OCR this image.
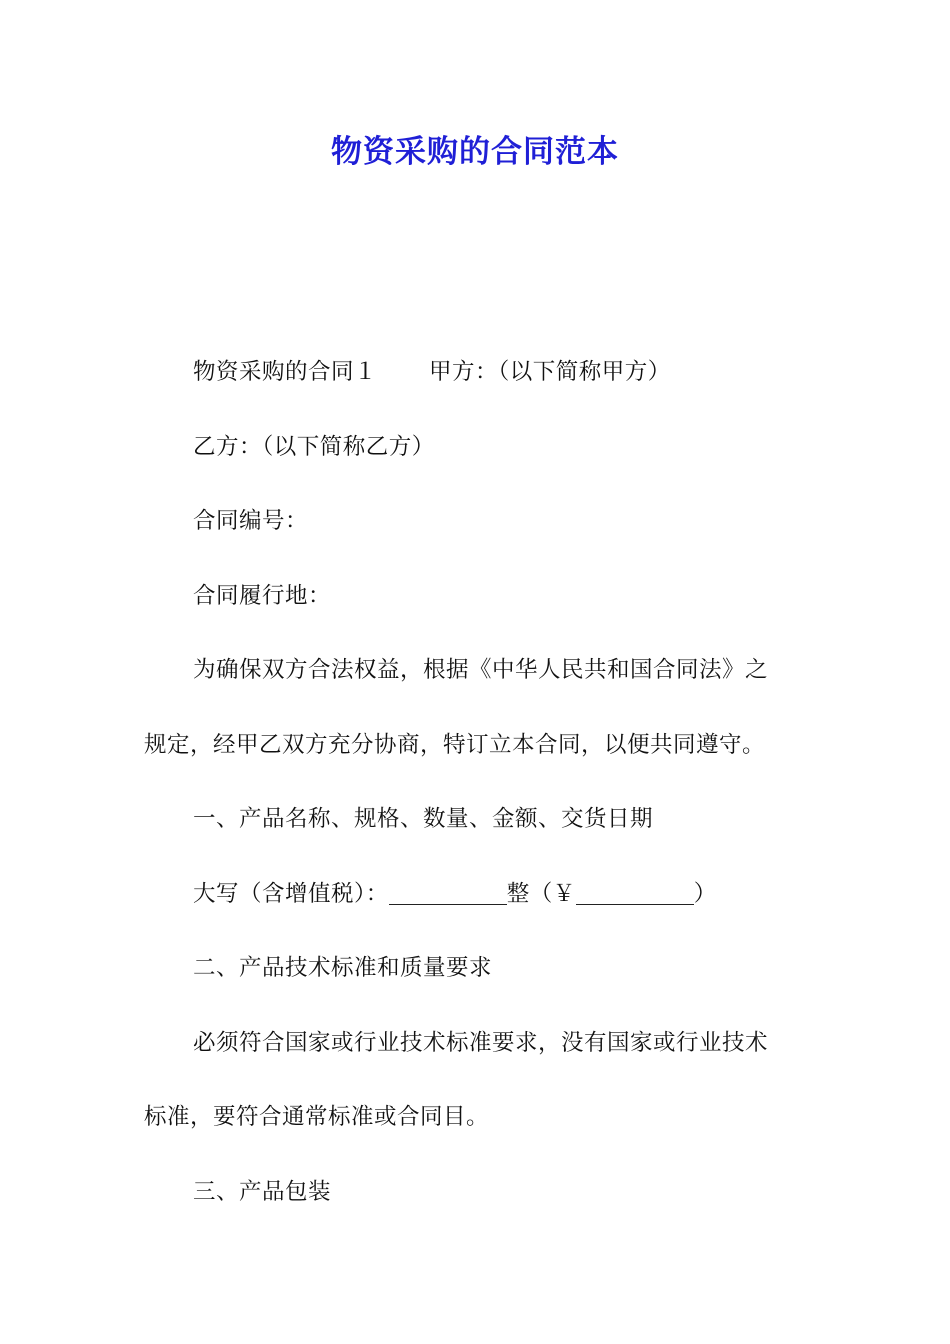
物资采购的合同范本

物资采购的合同１ 甲方：（以下简称甲方）

乙方：（以下简称乙方）

合同编号：

合同履行地：

为确保双方合法权益，根据《中华人民共和国合同法》之

规定，经甲乙双方充分协商，特订立本合同，以便共同遵守。

一、产品名称、规格、数量、金额、交货日期

大写（含增值税）：	整（￥	）

二、产品技术标准和质量要求

必须符合国家或行业技术标准要求，没有国家或行业技术

标准，要符合通常标准或合同目。

三、产品包装
